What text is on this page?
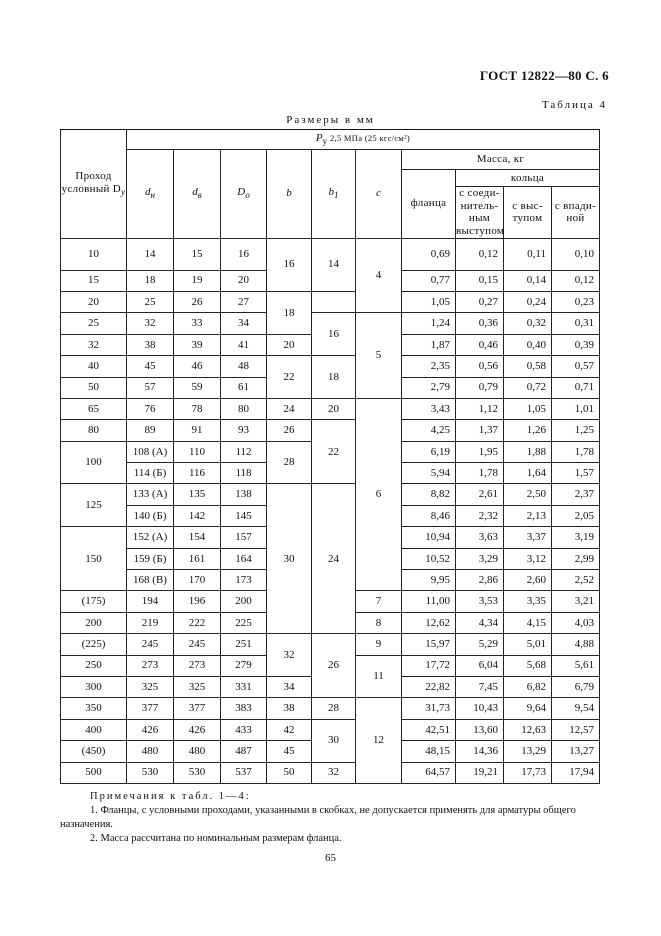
ГОСТ 12822—80 С. 6
Таблица 4
Размеры в мм
Проход условный $D_у$	$P_у$ 2,5 МПа (25 кгс/см²)									
	$d_н$	$d_в$	$D_о$	b	$b_1$	c	Масса, кг			
							фланца	кольца		
								с соеди-нитель-ным выступом	с выс-тупом	с впади-ной
10	14	15	16	16	14	4	0,69	0,12	0,11	0,10
15	18	19	20				0,77	0,15	0,14	0,12
20	25	26	27	18			1,05	0,27	0,24	0,23
25	32	33	34		16	5	1,24	0,36	0,32	0,31
32	38	39	41	20			1,87	0,46	0,40	0,39
40	45	46	48	22	18		2,35	0,56	0,58	0,57
50	57	59	61				2,79	0,79	0,72	0,71
65	76	78	80	24	20	6	3,43	1,12	1,05	1,01
80	89	91	93	26	22		4,25	1,37	1,26	1,25
100	108 (А)	110	112	28			6,19	1,95	1,88	1,78
	114 (Б)	116	118				5,94	1,78	1,64	1,57
125	133 (А)	135	138	30	24		8,82	2,61	2,50	2,37
	140 (Б)	142	145				8,46	2,32	2,13	2,05
150	152 (А)	154	157				10,94	3,63	3,37	3,19
	159 (Б)	161	164				10,52	3,29	3,12	2,99
	168 (В)	170	173				9,95	2,86	2,60	2,52
(175)	194	196	200			7	11,00	3,53	3,35	3,21
200	219	222	225			8	12,62	4,34	4,15	4,03
(225)	245	245	251	32	26	9	15,97	5,29	5,01	4,88
250	273	273	279			11	17,72	6,04	5,68	5,61
300	325	325	331	34			22,82	7,45	6,82	6,79
350	377	377	383	38	28	12	31,73	10,43	9,64	9,54
400	426	426	433	42	30		42,51	13,60	12,63	12,57
(450)	480	480	487	45			48,15	14,36	13,29	13,27
500	530	530	537	50	32		64,57	19,21	17,73	17,94
Примечания к табл. 1—4:

1. Фланцы, с условными проходами, указанными в скобках, не допускается применять для арматуры общего назначения.

2. Масса рассчитана по номинальным размерам фланца.

65
